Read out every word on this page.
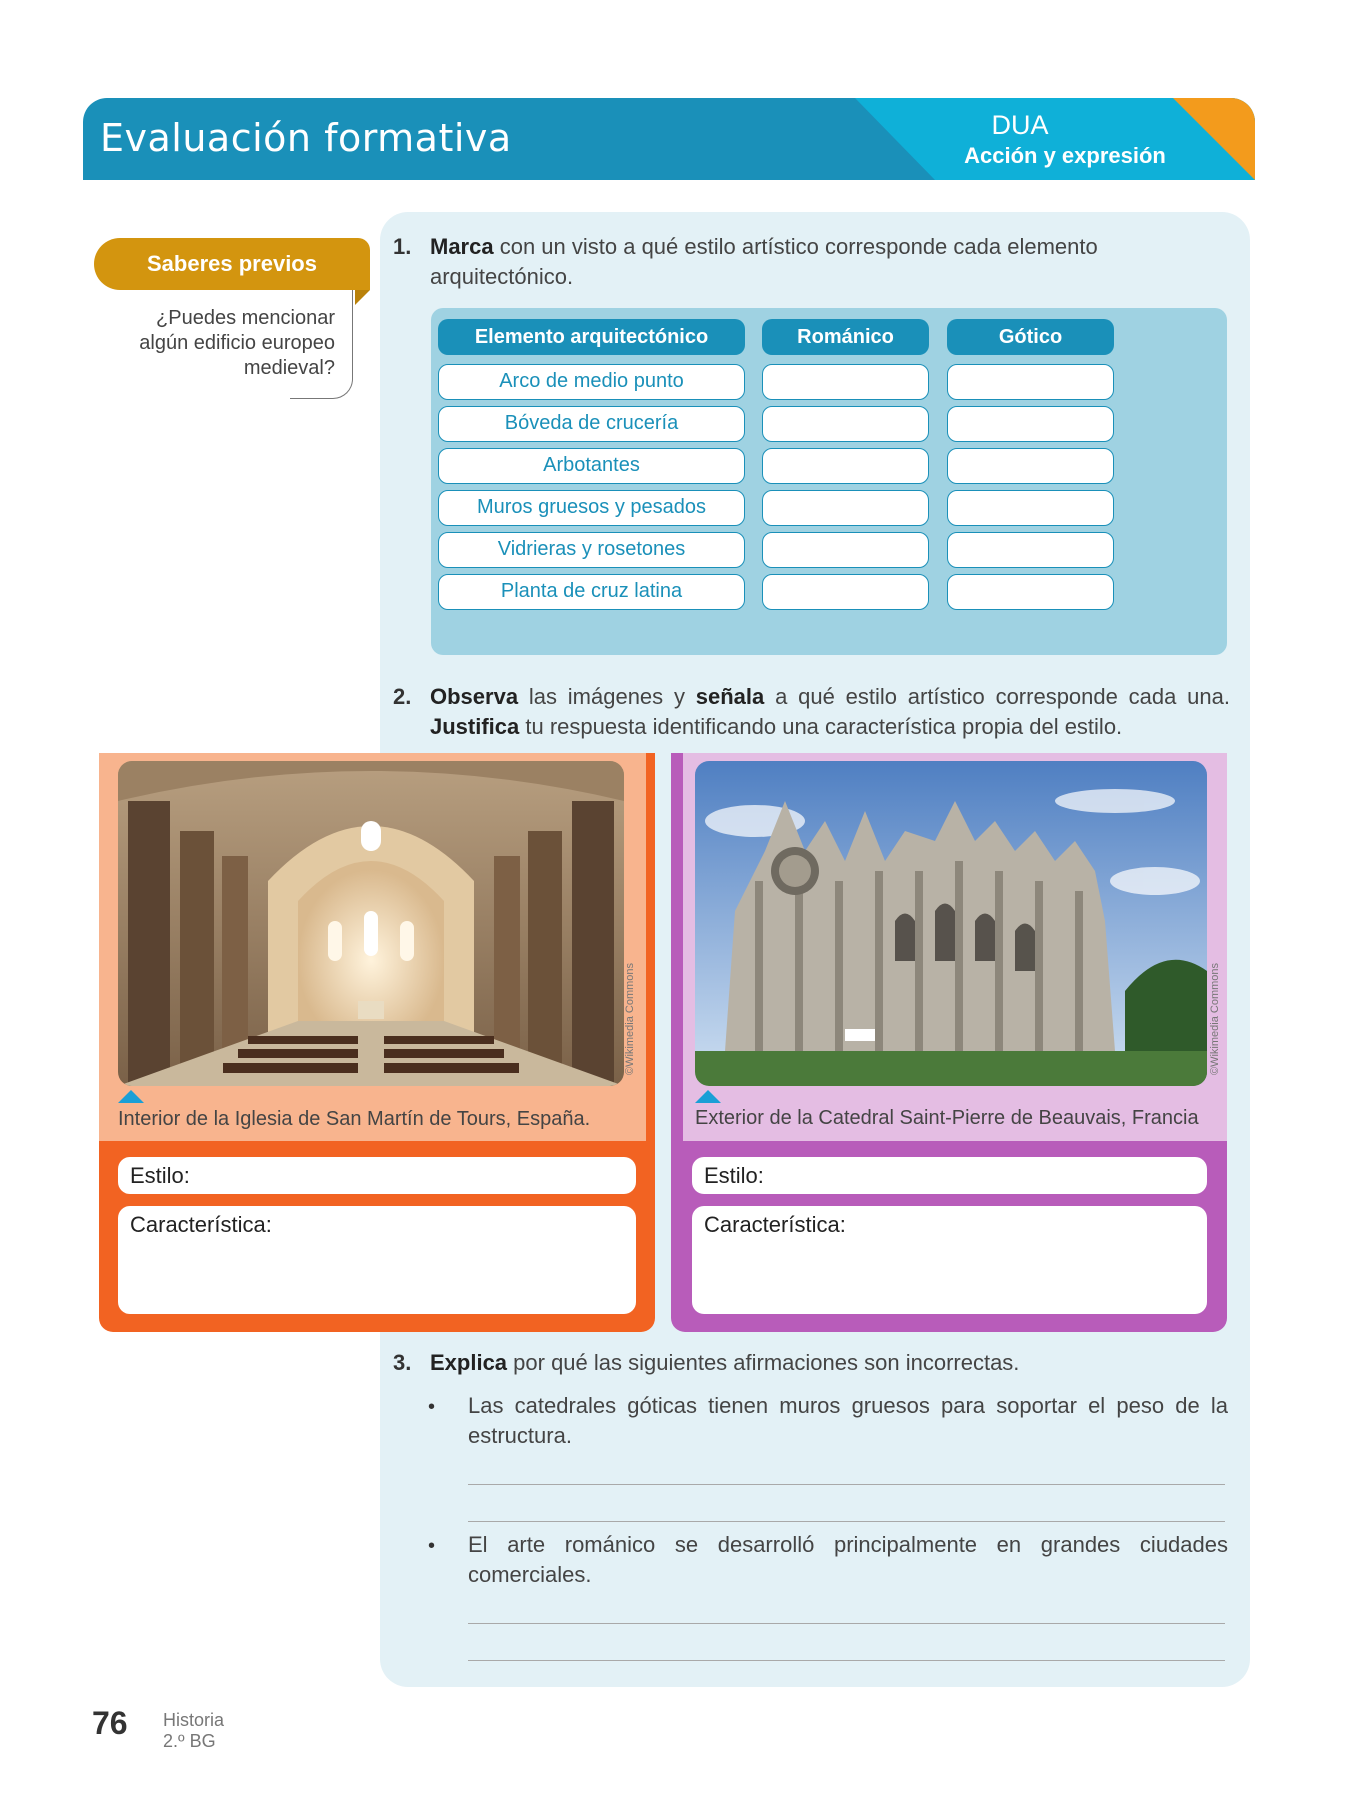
Evaluación formativa	DUA
Acción y expresión
Saberes previos
¿Puedes mencionar algún edificio europeo medieval?
1. Marca con un visto a qué estilo artístico corresponde cada elemento arquitectónico.
Elemento arquitectónico	Románico	Gótico
Arco de medio punto
Bóveda de crucería
Arbotantes
Muros gruesos y pesados
Vidrieras y rosetones
Planta de cruz latina
2. Observa las imágenes y señala a qué estilo artístico corresponde cada una. Justifica tu respuesta identificando una característica propia del estilo.
©Wikimedia Commons
Interior de la Iglesia de San Martín de Tours, España.
Estilo:
Característica:
©Wikimedia Commons
Exterior de la Catedral Saint-Pierre de Beauvais, Francia
Estilo:
Característica:
3. Explica por qué las siguientes afirmaciones son incorrectas.
• Las catedrales góticas tienen muros gruesos para soportar el peso de la estructura.
• El arte románico se desarrolló principalmente en grandes ciudades comerciales.
76 Historia
2.º BG
